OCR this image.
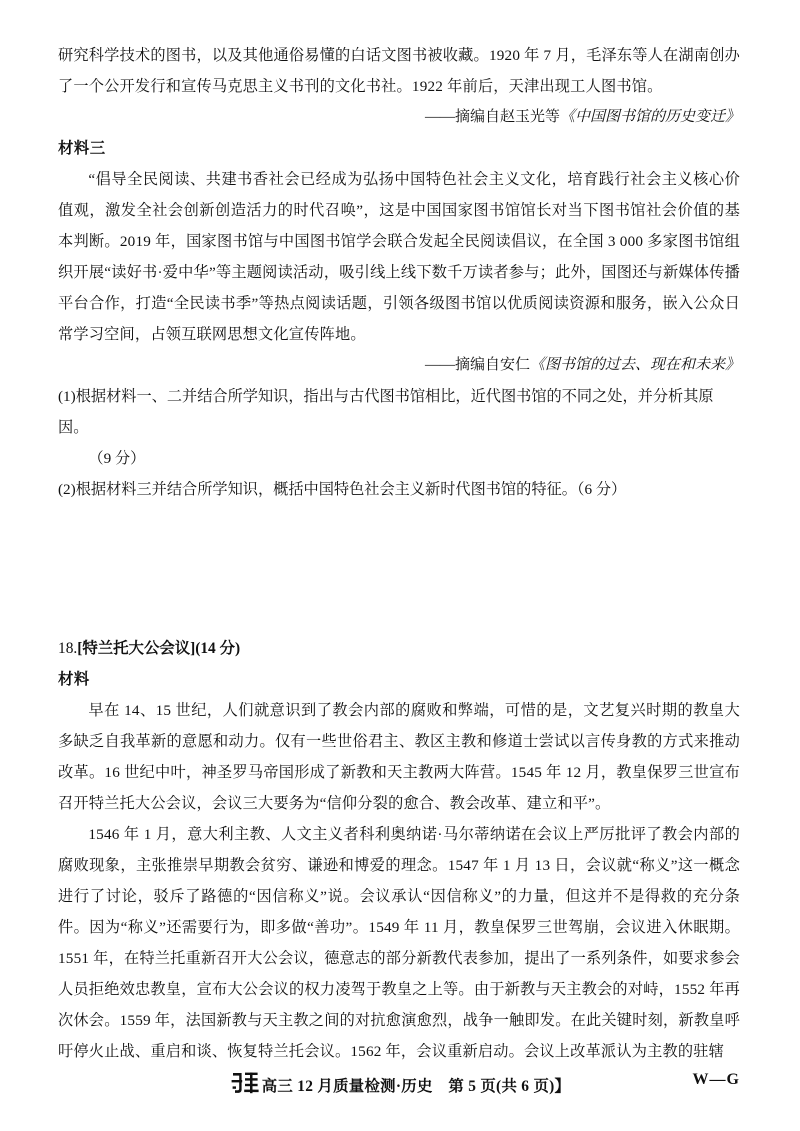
研究科学技术的图书，以及其他通俗易懂的白话文图书被收藏。1920 年 7 月，毛泽东等人在湖南创办了一个公开发行和宣传马克思主义书刊的文化书社。1922 年前后，天津出现工人图书馆。

——摘编自赵玉光等《中国图书馆的历史变迁》

材料三

“倡导全民阅读、共建书香社会已经成为弘扬中国特色社会主义文化，培育践行社会主义核心价值观，激发全社会创新创造活力的时代召唤”，这是中国国家图书馆馆长对当下图书馆社会价值的基本判断。2019 年，国家图书馆与中国图书馆学会联合发起全民阅读倡议，在全国 3 000 多家图书馆组织开展“读好书·爱中华”等主题阅读活动，吸引线上线下数千万读者参与；此外，国图还与新媒体传播平台合作，打造“全民读书季”等热点阅读话题，引领各级图书馆以优质阅读资源和服务，嵌入公众日常学习空间，占领互联网思想文化宣传阵地。

——摘编自安仁《图书馆的过去、现在和未来》

(1)根据材料一、二并结合所学知识，指出与古代图书馆相比，近代图书馆的不同之处，并分析其原因。

（9 分）

(2)根据材料三并结合所学知识，概括中国特色社会主义新时代图书馆的特征。（6 分）

18.[特兰托大公会议](14 分)

材料

早在 14、15 世纪，人们就意识到了教会内部的腐败和弊端，可惜的是，文艺复兴时期的教皇大多缺乏自我革新的意愿和动力。仅有一些世俗君主、教区主教和修道士尝试以言传身教的方式来推动改革。16 世纪中叶，神圣罗马帝国形成了新教和天主教两大阵营。1545 年 12 月，教皇保罗三世宣布召开特兰托大公会议，会议三大要务为“信仰分裂的愈合、教会改革、建立和平”。

1546 年 1 月，意大利主教、人文主义者科利奥纳诺·马尔蒂纳诺在会议上严厉批评了教会内部的腐败现象，主张推崇早期教会贫穷、谦逊和博爱的理念。1547 年 1 月 13 日，会议就“称义”这一概念进行了讨论，驳斥了路德的“因信称义”说。会议承认“因信称义”的力量，但这并不是得救的充分条件。因为“称义”还需要行为，即多做“善功”。1549 年 11 月，教皇保罗三世驾崩，会议进入休眠期。1551 年，在特兰托重新召开大公会议，德意志的部分新教代表参加，提出了一系列条件，如要求参会人员拒绝效忠教皇，宣布大公会议的权力凌驾于教皇之上等。由于新教与天主教会的对峙，1552 年再次休会。1559 年，法国新教与天主教之间的对抗愈演愈烈，战争一触即发。在此关键时刻，新教皇呼吁停火止战、重启和谈、恢复特兰托会议。1562 年，会议重新启动。会议上改革派认为主教的驻辖

高三 12 月质量检测·历史　第 5 页(共 6 页)】	W—G
